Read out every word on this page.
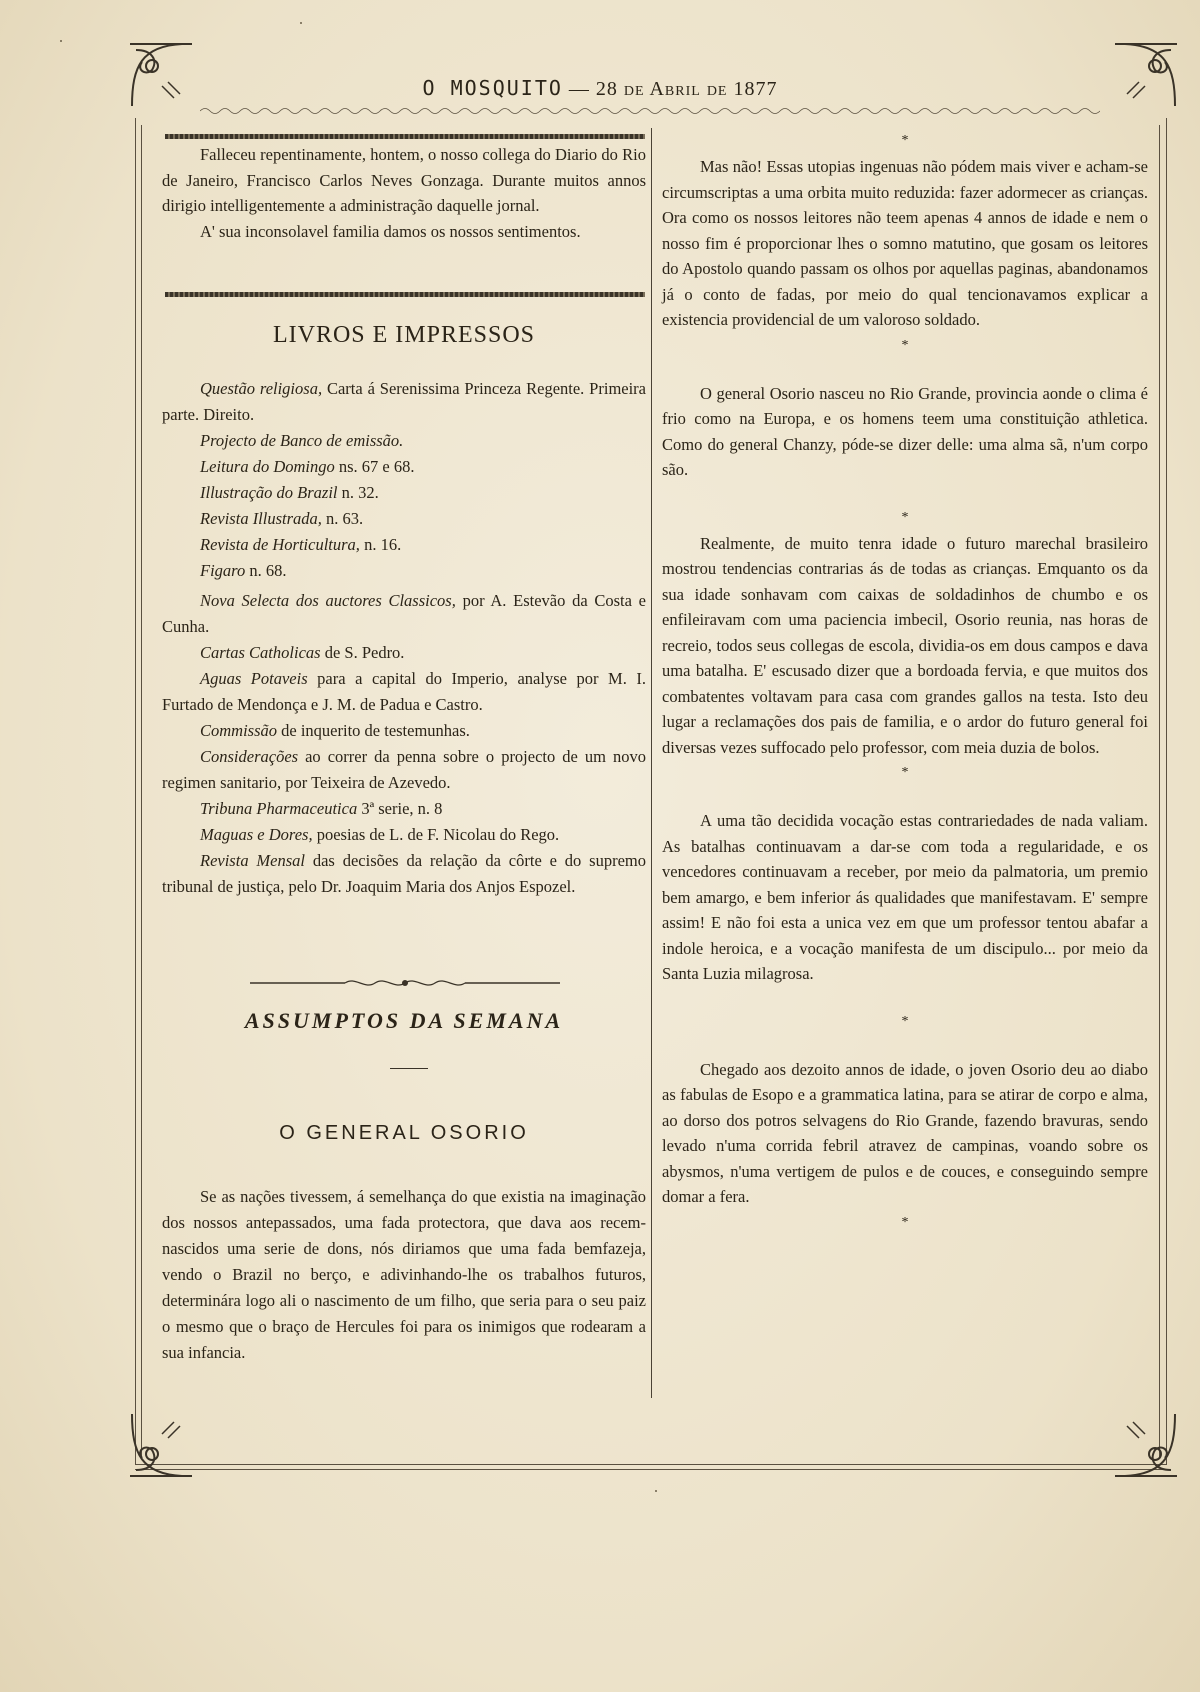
O MOSQUITO — 28 de Abril de 1877

Falleceu repentinamente, hontem, o nosso collega do Diario do Rio de Janeiro, Francisco Carlos Neves Gonzaga. Durante muitos annos dirigio intelligentemente a administração daquelle jornal.

A' sua inconsolavel familia damos os nossos sentimentos.

LIVROS E IMPRESSOS

Questão religiosa, Carta á Serenissima Princeza Regente. Primeira parte. Direito.

Projecto de Banco de emissão.

Leitura do Domingo ns. 67 e 68.

Illustração do Brazil n. 32.

Revista Illustrada, n. 63.

Revista de Horticultura, n. 16.

Figaro n. 68.

Nova Selecta dos auctores Classicos, por A. Estevão da Costa e Cunha.

Cartas Catholicas de S. Pedro.

Aguas Potaveis para a capital do Imperio, analyse por M. I. Furtado de Mendonça e J. M. de Padua e Castro.

Commissão de inquerito de testemunhas.

Considerações ao correr da penna sobre o projecto de um novo regimen sanitario, por Teixeira de Azevedo.

Tribuna Pharmaceutica 3ª serie, n. 8

Maguas e Dores, poesias de L. de F. Nicolau do Rego.

Revista Mensal das decisões da relação da côrte e do supremo tribunal de justiça, pelo Dr. Joaquim Maria dos Anjos Espozel.

ASSUMPTOS DA SEMANA
O GENERAL OSORIO

Se as nações tivessem, á semelhança do que existia na imaginação dos nossos antepassados, uma fada protectora, que dava aos recem-nascidos uma serie de dons, nós diriamos que uma fada bemfazeja, vendo o Brazil no berço, e adivinhando-lhe os trabalhos futuros, determinára logo ali o nascimento de um filho, que seria para o seu paiz o mesmo que o braço de Hercules foi para os inimigos que rodearam a sua infancia.

*

Mas não! Essas utopias ingenuas não pódem mais viver e acham-se circumscriptas a uma orbita muito reduzida: fazer adormecer as crianças. Ora como os nossos leitores não teem apenas 4 annos de idade e nem o nosso fim é proporcionar lhes o somno matutino, que gosam os leitores do Apostolo quando passam os olhos por aquellas paginas, abandonamos já o conto de fadas, por meio do qual tencionavamos explicar a existencia providencial de um valoroso soldado.

*

O general Osorio nasceu no Rio Grande, provincia aonde o clima é frio como na Europa, e os homens teem uma constituição athletica. Como do general Chanzy, póde-se dizer delle: uma alma sã, n'um corpo são.

*

Realmente, de muito tenra idade o futuro marechal brasileiro mostrou tendencias contrarias ás de todas as crianças. Emquanto os da sua idade sonhavam com caixas de soldadinhos de chumbo e os enfileiravam com uma paciencia imbecil, Osorio reunia, nas horas de recreio, todos seus collegas de escola, dividia-os em dous campos e dava uma batalha. E' escusado dizer que a bordoada fervia, e que muitos dos combatentes voltavam para casa com grandes gallos na testa. Isto deu lugar a reclamações dos pais de familia, e o ardor do futuro general foi diversas vezes suffocado pelo professor, com meia duzia de bolos.

*

A uma tão decidida vocação estas contrariedades de nada valiam. As batalhas continuavam a dar-se com toda a regularidade, e os vencedores continuavam a receber, por meio da palmatoria, um premio bem amargo, e bem inferior ás qualidades que manifestavam. E' sempre assim! E não foi esta a unica vez em que um professor tentou abafar a indole heroica, e a vocação manifesta de um discipulo... por meio da Santa Luzia milagrosa.

*

Chegado aos dezoito annos de idade, o joven Osorio deu ao diabo as fabulas de Esopo e a grammatica latina, para se atirar de corpo e alma, ao dorso dos potros selvagens do Rio Grande, fazendo bravuras, sendo levado n'uma corrida febril atravez de campinas, voando sobre os abysmos, n'uma vertigem de pulos e de couces, e conseguindo sempre domar a fera.

*
